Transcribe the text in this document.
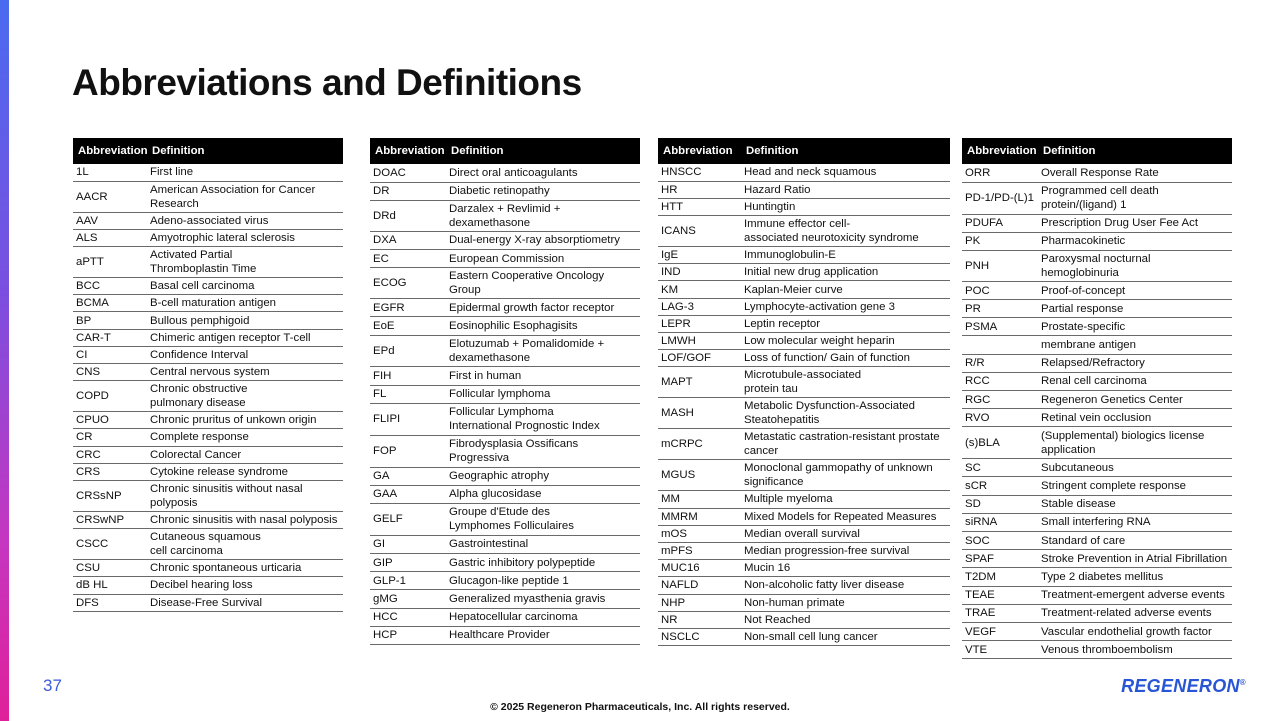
Abbreviations and Definitions
Abbreviation	Definition
1L	First line
AACR	American Association for Cancer
Research
AAV	Adeno-associated virus
ALS	Amyotrophic lateral sclerosis
aPTT	Activated Partial
Thromboplastin Time
BCC	Basal cell carcinoma
BCMA	B-cell maturation antigen
BP	Bullous pemphigoid
CAR-T	Chimeric antigen receptor T-cell
CI	Confidence Interval
CNS	Central nervous system
COPD	Chronic obstructive
pulmonary disease
CPUO	Chronic pruritus of unkown origin
CR	Complete response
CRC	Colorectal Cancer
CRS	Cytokine release syndrome
CRSsNP	Chronic sinusitis without nasal
polyposis
CRSwNP	Chronic sinusitis with nasal polyposis
CSCC	Cutaneous squamous
cell carcinoma
CSU	Chronic spontaneous urticaria
dB HL	Decibel hearing loss
DFS	Disease-Free Survival
Abbreviation	Definition
DOAC	Direct oral anticoagulants
DR	Diabetic retinopathy
DRd	Darzalex + Revlimid + dexamethasone
DXA	Dual-energy X-ray absorptiometry
EC	European Commission
ECOG	Eastern Cooperative Oncology Group
EGFR	Epidermal growth factor receptor
EoE	Eosinophilic Esophagisits
EPd	Elotuzumab + Pomalidomide +
dexamethasone
FIH	First in human
FL	Follicular lymphoma
FLIPI	Follicular Lymphoma
International Prognostic Index
FOP	Fibrodysplasia Ossificans
Progressiva
GA	Geographic atrophy
GAA	Alpha glucosidase
GELF	Groupe d'Etude des
Lymphomes Folliculaires
GI	Gastrointestinal
GIP	Gastric inhibitory polypeptide
GLP-1	Glucagon-like peptide 1
gMG	Generalized myasthenia gravis
HCC	Hepatocellular carcinoma
HCP	Healthcare Provider
Abbreviation	Definition
HNSCC	Head and neck squamous
HR	Hazard Ratio
HTT	Huntingtin
ICANS	Immune effector cell-
associated neurotoxicity syndrome
IgE	Immunoglobulin-E
IND	Initial new drug application
KM	Kaplan-Meier curve
LAG-3	Lymphocyte-activation gene 3
LEPR	Leptin receptor
LMWH	Low molecular weight heparin
LOF/GOF	Loss of function/ Gain of function
MAPT	Microtubule-associated
protein tau
MASH	Metabolic Dysfunction-Associated
Steatohepatitis
mCRPC	Metastatic castration-resistant prostate
cancer
MGUS	Monoclonal gammopathy of unknown
significance
MM	Multiple myeloma
MMRM	Mixed Models for Repeated Measures
mOS	Median overall survival
mPFS	Median progression-free survival
MUC16	Mucin 16
NAFLD	Non-alcoholic fatty liver disease
NHP	Non-human primate
NR	Not Reached
NSCLC	Non-small cell lung cancer
Abbreviation	Definition
ORR	Overall Response Rate
PD-1/PD-(L)1	Programmed cell death
protein/(ligand) 1
PDUFA	Prescription Drug User Fee Act
PK	Pharmacokinetic
PNH	Paroxysmal nocturnal hemoglobinuria
POC	Proof-of-concept
PR	Partial response
PSMA	Prostate-specific
	membrane antigen
R/R	Relapsed/Refractory
RCC	Renal cell carcinoma
RGC	Regeneron Genetics Center
RVO	Retinal vein occlusion
(s)BLA	(Supplemental) biologics license
application
SC	Subcutaneous
sCR	Stringent complete response
SD	Stable disease
siRNA	Small interfering RNA
SOC	Standard of care
SPAF	Stroke Prevention in Atrial Fibrillation
T2DM	Type 2 diabetes mellitus
TEAE	Treatment-emergent adverse events
TRAE	Treatment-related adverse events
VEGF	Vascular endothelial growth factor
VTE	Venous thromboembolism
37
© 2025 Regeneron Pharmaceuticals, Inc. All rights reserved.
REGENERON®
